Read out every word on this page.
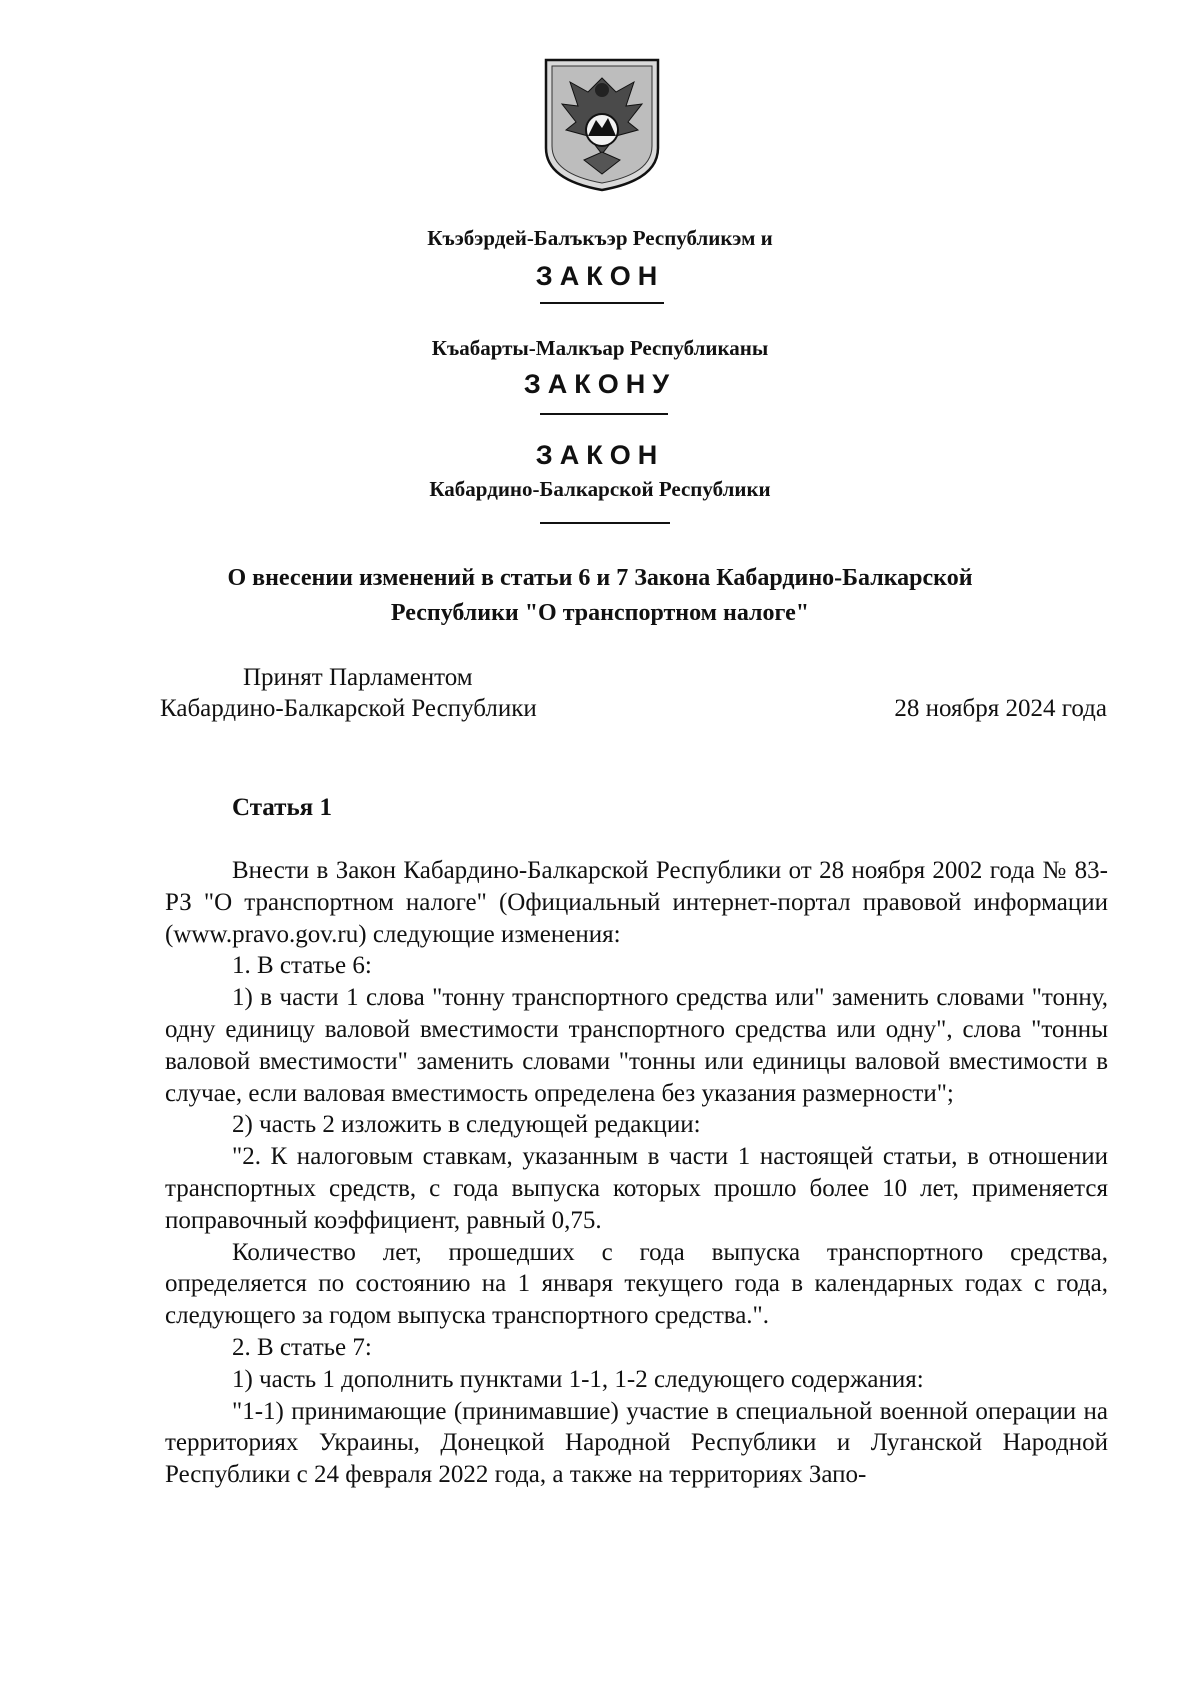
Къэбэрдей-Балъкъэр Республикэм и
ЗАКОН
Къабарты-Малкъар Республиканы
ЗАКОНУ
ЗАКОН
Кабардино-Балкарской Республики
О внесении изменений в статьи 6 и 7 Закона Кабардино-Балкарской
Республики "О транспортном налоге"
Принят Парламентом
Кабардино-Балкарской Республики	28 ноября 2024 года
Статья 1

Внести в Закон Кабардино-Балкарской Республики от 28 ноября 2002 года № 83-РЗ "О транспортном налоге" (Официальный интернет-портал правовой информации (www.pravo.gov.ru) следующие изменения:

1. В статье 6:

1) в части 1 слова "тонну транспортного средства или" заменить словами "тонну, одну единицу валовой вместимости транспортного средства или одну", слова "тонны валовой вместимости" заменить словами "тонны или единицы валовой вместимости в случае, если валовая вместимость определена без указания размерности";

2) часть 2 изложить в следующей редакции:

"2. К налоговым ставкам, указанным в части 1 настоящей статьи, в отношении транспортных средств, с года выпуска которых прошло более 10 лет, применяется поправочный коэффициент, равный 0,75.

Количество лет, прошедших с года выпуска транспортного средства, определяется по состоянию на 1 января текущего года в календарных годах с года, следующего за годом выпуска транспортного средства.".

2. В статье 7:

1) часть 1 дополнить пунктами 1-1, 1-2 следующего содержания:

"1-1) принимающие (принимавшие) участие в специальной военной операции на территориях Украины, Донецкой Народной Республики и Луганской Народной Республики с 24 февраля 2022 года, а также на территориях Запо-
